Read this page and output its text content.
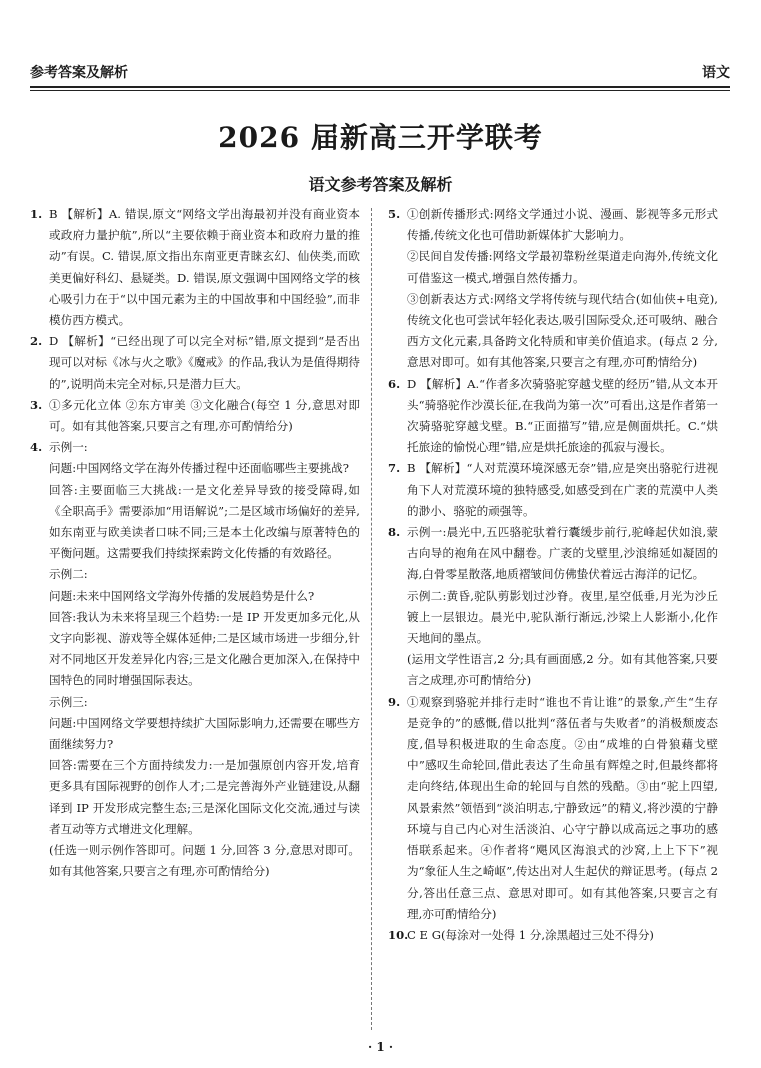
参考答案及解析	语文
2026 届新高三开学联考
语文参考答案及解析
1. B 【解析】A. 错误,原文“网络文学出海最初并没有商业资本或政府力量护航”,所以“主要依赖于商业资本和政府力量的推动”有误。C. 错误,原文指出东南亚更青睐玄幻、仙侠类,而欧美更偏好科幻、悬疑类。D. 错误,原文强调中国网络文学的核心吸引力在于“以中国元素为主的中国故事和中国经验”,而非模仿西方模式。

2. D 【解析】“已经出现了可以完全对标”错,原文提到“是否出现可以对标《冰与火之歌》《魔戒》的作品,我认为是值得期待的”,说明尚未完全对标,只是潜力巨大。

3. ①多元化立体 ②东方审美 ③文化融合(每空 1 分,意思对即可。如有其他答案,只要言之有理,亦可酌情给分)

4. 示例一:

问题:中国网络文学在海外传播过程中还面临哪些主要挑战?

回答:主要面临三大挑战:一是文化差异导致的接受障碍,如《全职高手》需要添加“用语解说”;二是区域市场偏好的差异,如东南亚与欧美读者口味不同;三是本土化改编与原著特色的平衡问题。这需要我们持续探索跨文化传播的有效路径。

示例二:

问题:未来中国网络文学海外传播的发展趋势是什么?

回答:我认为未来将呈现三个趋势:一是 IP 开发更加多元化,从文字向影视、游戏等全媒体延伸;二是区域市场进一步细分,针对不同地区开发差异化内容;三是文化融合更加深入,在保持中国特色的同时增强国际表达。

示例三:

问题:中国网络文学要想持续扩大国际影响力,还需要在哪些方面继续努力?

回答:需要在三个方面持续发力:一是加强原创内容开发,培育更多具有国际视野的创作人才;二是完善海外产业链建设,从翻译到 IP 开发形成完整生态;三是深化国际文化交流,通过与读者互动等方式增进文化理解。

(任选一则示例作答即可。问题 1 分,回答 3 分,意思对即可。如有其他答案,只要言之有理,亦可酌情给分)

5. ①创新传播形式:网络文学通过小说、漫画、影视等多元形式传播,传统文化也可借助新媒体扩大影响力。

②民间自发传播:网络文学最初靠粉丝渠道走向海外,传统文化可借鉴这一模式,增强自然传播力。

③创新表达方式:网络文学将传统与现代结合(如仙侠+电竞),传统文化也可尝试年轻化表达,吸引国际受众,还可吸纳、融合西方文化元素,具备跨文化特质和审美价值追求。(每点 2 分,意思对即可。如有其他答案,只要言之有理,亦可酌情给分)

6. D 【解析】A.“作者多次骑骆驼穿越戈壁的经历”错,从文本开头“骑骆驼作沙漠长征,在我尚为第一次”可看出,这是作者第一次骑骆驼穿越戈壁。B.“正面描写”错,应是侧面烘托。C.“烘托旅途的愉悦心理”错,应是烘托旅途的孤寂与漫长。

7. B 【解析】“人对荒漠环境深感无奈”错,应是突出骆驼行进视角下人对荒漠环境的独特感受,如感受到在广袤的荒漠中人类的渺小、骆驼的顽强等。

8. 示例一:晨光中,五匹骆驼驮着行囊缓步前行,驼峰起伏如浪,蒙古向导的袍角在风中翻卷。广袤的戈壁里,沙浪绵延如凝固的海,白骨零星散落,地质褶皱间仿佛蛰伏着远古海洋的记忆。

示例二:黄昏,驼队剪影划过沙脊。夜里,星空低垂,月光为沙丘镀上一层银边。晨光中,驼队渐行渐远,沙梁上人影渐小,化作天地间的墨点。

(运用文学性语言,2 分;具有画面感,2 分。如有其他答案,只要言之成理,亦可酌情给分)

9. ①观察到骆驼并排行走时“谁也不肯让谁”的景象,产生“生存是竞争的”的感慨,借以批判“落伍者与失败者”的消极颓废态度,倡导积极进取的生命态度。②由“成堆的白骨狼藉戈壁中”感叹生命轮回,借此表达了生命虽有辉煌之时,但最终都将走向终结,体现出生命的轮回与自然的残酷。③由“驼上四望,风景索然”领悟到“淡泊明志,宁静致远”的精义,将沙漠的宁静环境与自己内心对生活淡泊、心守宁静以成高远之事功的感悟联系起来。④作者将“飓风区海浪式的沙窝,上上下下”视为“象征人生之崎岖”,传达出对人生起伏的辩证思考。(每点 2 分,答出任意三点、意思对即可。如有其他答案,只要言之有理,亦可酌情给分)

10.

C E G(每涂对一处得 1 分,涂黑超过三处不得分)

· 1 ·
